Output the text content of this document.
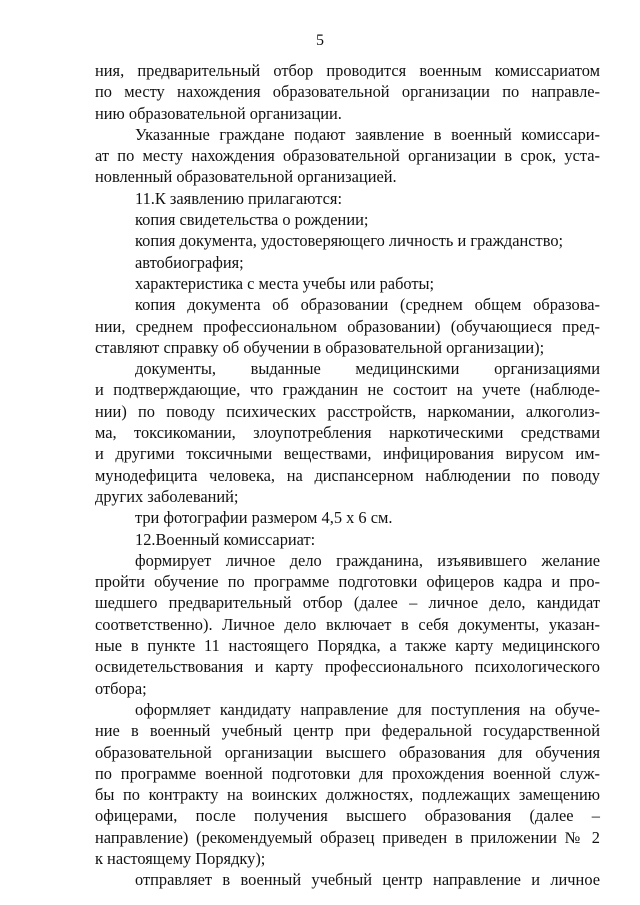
5
ния, предварительный отбор проводится военным комиссариатом
по месту нахождения образовательной организации по направле-
нию образовательной организации.
Указанные граждане подают заявление в военный комиссари-
ат по месту нахождения образовательной организации в срок, уста-
новленный образовательной организацией.
11.К заявлению прилагаются:
копия свидетельства о рождении;
копия документа, удостоверяющего личность и гражданство;
автобиография;
характеристика с места учебы или работы;
копия документа об образовании (среднем общем образова-
нии, среднем профессиональном образовании) (обучающиеся пред-
ставляют справку об обучении в образовательной организации);
документы, выданные медицинскими организациями
и подтверждающие, что гражданин не состоит на учете (наблюде-
нии) по поводу психических расстройств, наркомании, алкоголиз-
ма, токсикомании, злоупотребления наркотическими средствами
и другими токсичными веществами, инфицирования вирусом им-
мунодефицита человека, на диспансерном наблюдении по поводу
других заболеваний;
три фотографии размером 4,5 х 6 см.
12.Военный комиссариат:
формирует личное дело гражданина, изъявившего желание
пройти обучение по программе подготовки офицеров кадра и про-
шедшего предварительный отбор (далее – личное дело, кандидат
соответственно). Личное дело включает в себя документы, указан-
ные в пункте 11 настоящего Порядка, а также карту медицинского
освидетельствования и карту профессионального психологического
отбора;
оформляет кандидату направление для поступления на обуче-
ние в военный учебный центр при федеральной государственной
образовательной организации высшего образования для обучения
по программе военной подготовки для прохождения военной служ-
бы по контракту на воинских должностях, подлежащих замещению
офицерами, после получения высшего образования (далее –
направление) (рекомендуемый образец приведен в приложении № 2
к настоящему Порядку);
отправляет в военный учебный центр направление и личное
